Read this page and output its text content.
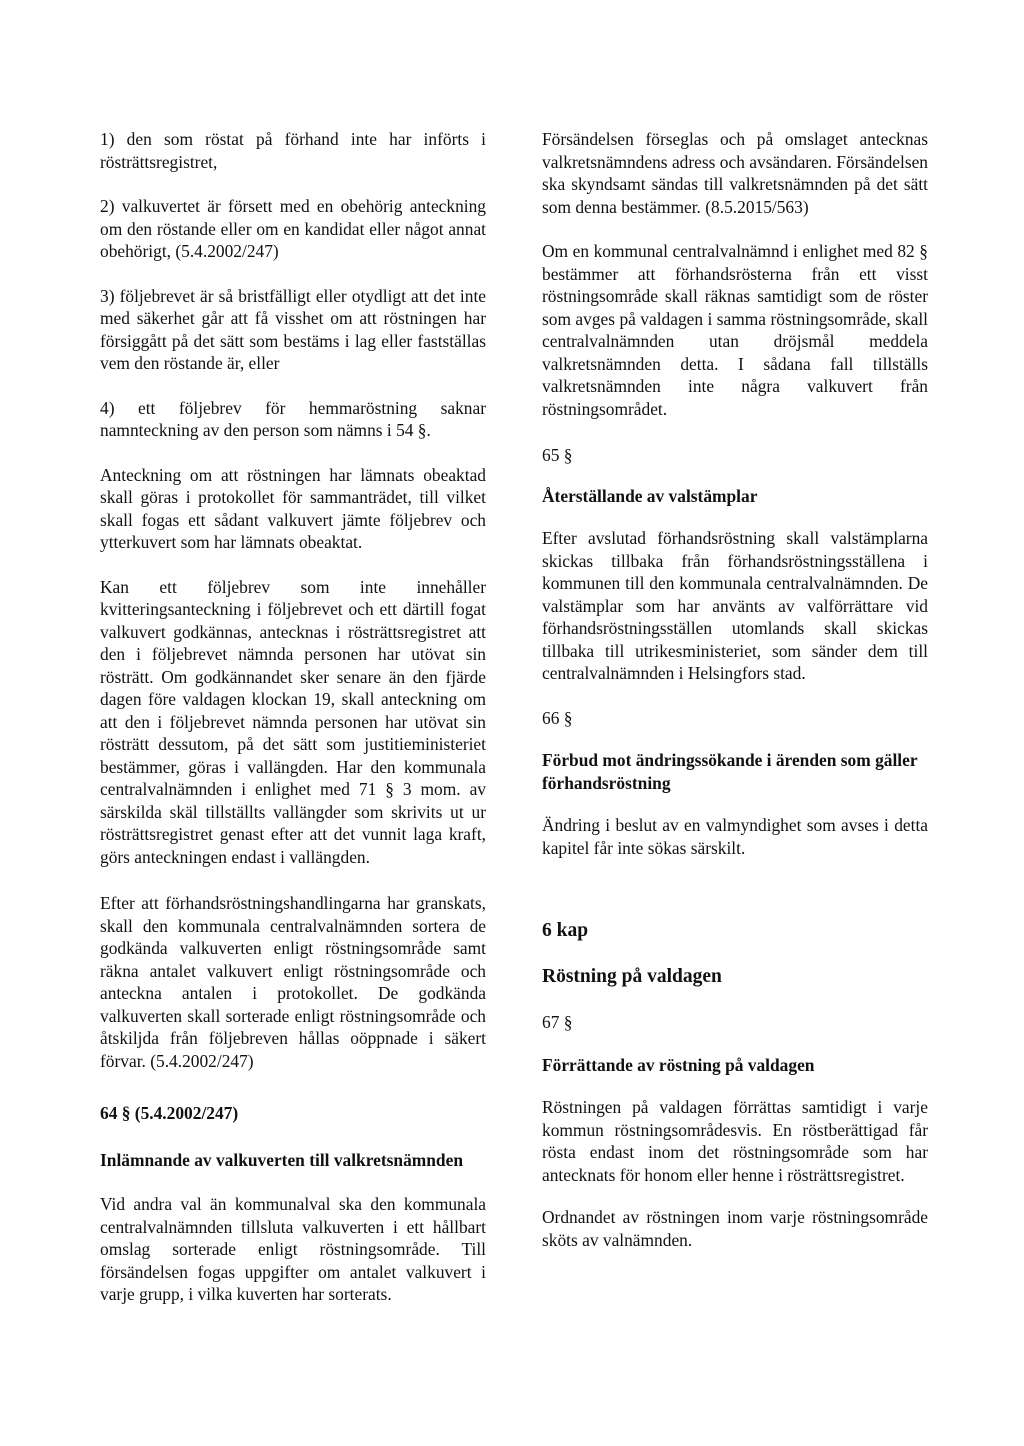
1) den som röstat på förhand inte har införts i rösträttsregistret,

2) valkuvertet är försett med en obehörig anteckning om den röstande eller om en kandidat eller något annat obehörigt, (5.4.2002/247)

3) följebrevet är så bristfälligt eller otydligt att det inte med säkerhet går att få visshet om att röstningen har försiggått på det sätt som bestäms i lag eller fastställas vem den röstande är, eller

4) ett följebrev för hemmaröstning saknar namnteckning av den person som nämns i 54 §.

Anteckning om att röstningen har lämnats obeaktad skall göras i protokollet för sammanträdet, till vilket skall fogas ett sådant valkuvert jämte följebrev och ytterkuvert som har lämnats obeaktat.

Kan ett följebrev som inte innehåller kvitteringsanteckning i följebrevet och ett därtill fogat valkuvert godkännas, antecknas i rösträttsregistret att den i följebrevet nämnda personen har utövat sin rösträtt. Om godkännandet sker senare än den fjärde dagen före valdagen klockan 19, skall anteckning om att den i följebrevet nämnda personen har utövat sin rösträtt dessutom, på det sätt som justitieministeriet bestämmer, göras i vallängden. Har den kommunala centralvalnämnden i enlighet med 71 § 3 mom. av särskilda skäl tillställts vallängder som skrivits ut ur rösträttsregistret genast efter att det vunnit laga kraft, görs anteckningen endast i vallängden.

Efter att förhandsröstningshandlingarna har granskats, skall den kommunala centralvalnämnden sortera de godkända valkuverten enligt röstningsområde samt räkna antalet valkuvert enligt röstningsområde och anteckna antalen i protokollet. De godkända valkuverten skall sorterade enligt röstningsområde och åtskiljda från följebreven hållas oöppnade i säkert förvar. (5.4.2002/247)

64 § (5.4.2002/247)

Inlämnande av valkuverten till valkretsnämnden

Vid andra val än kommunalval ska den kommunala centralvalnämnden tillsluta valkuverten i ett hållbart omslag sorterade enligt röstningsområde. Till försändelsen fogas uppgifter om antalet valkuvert i varje grupp, i vilka kuverten har sorterats.

Försändelsen förseglas och på omslaget antecknas valkretsnämndens adress och avsändaren. Försändelsen ska skyndsamt sändas till valkretsnämnden på det sätt som denna bestämmer. (8.5.2015/563)

Om en kommunal centralvalnämnd i enlighet med 82 § bestämmer att förhandsrösterna från ett visst röstningsområde skall räknas samtidigt som de röster som avges på valdagen i samma röstningsområde, skall centralvalnämnden utan dröjsmål meddela valkretsnämnden detta. I sådana fall tillställs valkretsnämnden inte några valkuvert från röstningsområdet.

65 §

Återställande av valstämplar

Efter avslutad förhandsröstning skall valstämplarna skickas tillbaka från förhandsröstningsställena i kommunen till den kommunala centralvalnämnden. De valstämplar som har använts av valförrättare vid förhandsröstningsställen utomlands skall skickas tillbaka till utrikesministeriet, som sänder dem till centralvalnämnden i Helsingfors stad.

66 §

Förbud mot ändringssökande i ärenden som gäller förhandsröstning

Ändring i beslut av en valmyndighet som avses i detta kapitel får inte sökas särskilt.

6 kap

Röstning på valdagen

67 §

Förrättande av röstning på valdagen

Röstningen på valdagen förrättas samtidigt i varje kommun röstningsområdesvis. En röstberättigad får rösta endast inom det röstningsområde som har antecknats för honom eller henne i rösträttsregistret.

Ordnandet av röstningen inom varje röstningsområde sköts av valnämnden.
